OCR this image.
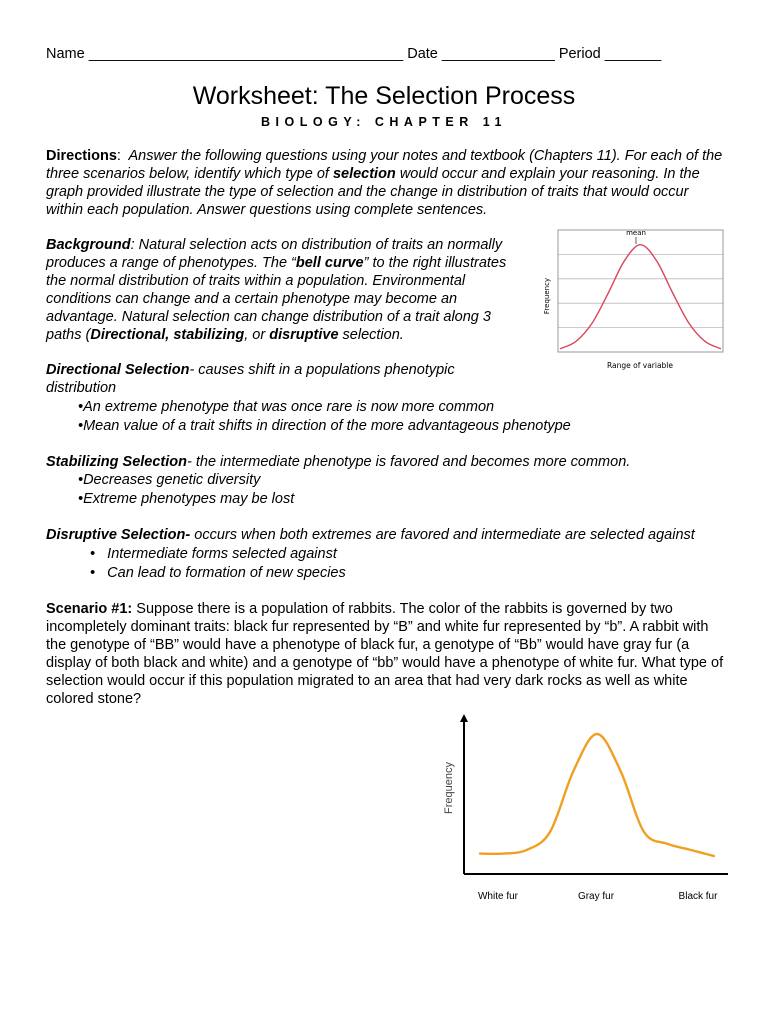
Name _______________________________________ Date ______________ Period _______
Worksheet: The Selection Process
BIOLOGY: CHAPTER 11
Directions: Answer the following questions using your notes and textbook (Chapters 11). For each of the three scenarios below, identify which type of selection would occur and explain your reasoning. In the graph provided illustrate the type of selection and the change in distribution of traits that would occur within each population. Answer questions using complete sentences.
Background: Natural selection acts on distribution of traits an normally produces a range of phenotypes. The “bell curve” to the right illustrates the normal distribution of traits within a population. Environmental conditions can change and a certain phenotype may become an advantage. Natural selection can change distribution of a trait along 3 paths (Directional, stabilizing, or disruptive selection.
mean
Frequency
Range of variable
Directional Selection- causes shift in a populations phenotypic distribution
•An extreme phenotype that was once rare is now more common
•Mean value of a trait shifts in direction of the more advantageous phenotype
Stabilizing Selection- the intermediate phenotype is favored and becomes more common.
•Decreases genetic diversity
•Extreme phenotypes may be lost
Disruptive Selection- occurs when both extremes are favored and intermediate are selected against
•   Intermediate forms selected against
•   Can lead to formation of new species
Scenario #1: Suppose there is a population of rabbits. The color of the rabbits is governed by two incompletely dominant traits: black fur represented by “B” and white fur represented by “b”. A rabbit with the genotype of “BB” would have a phenotype of black fur, a genotype of “Bb” would have gray fur (a display of both black and white) and a genotype of “bb” would have a phenotype of white fur. What type of selection would occur if this population migrated to an area that had very dark rocks as well as white colored stone?
Frequency
White fur	Gray fur	Black fur
